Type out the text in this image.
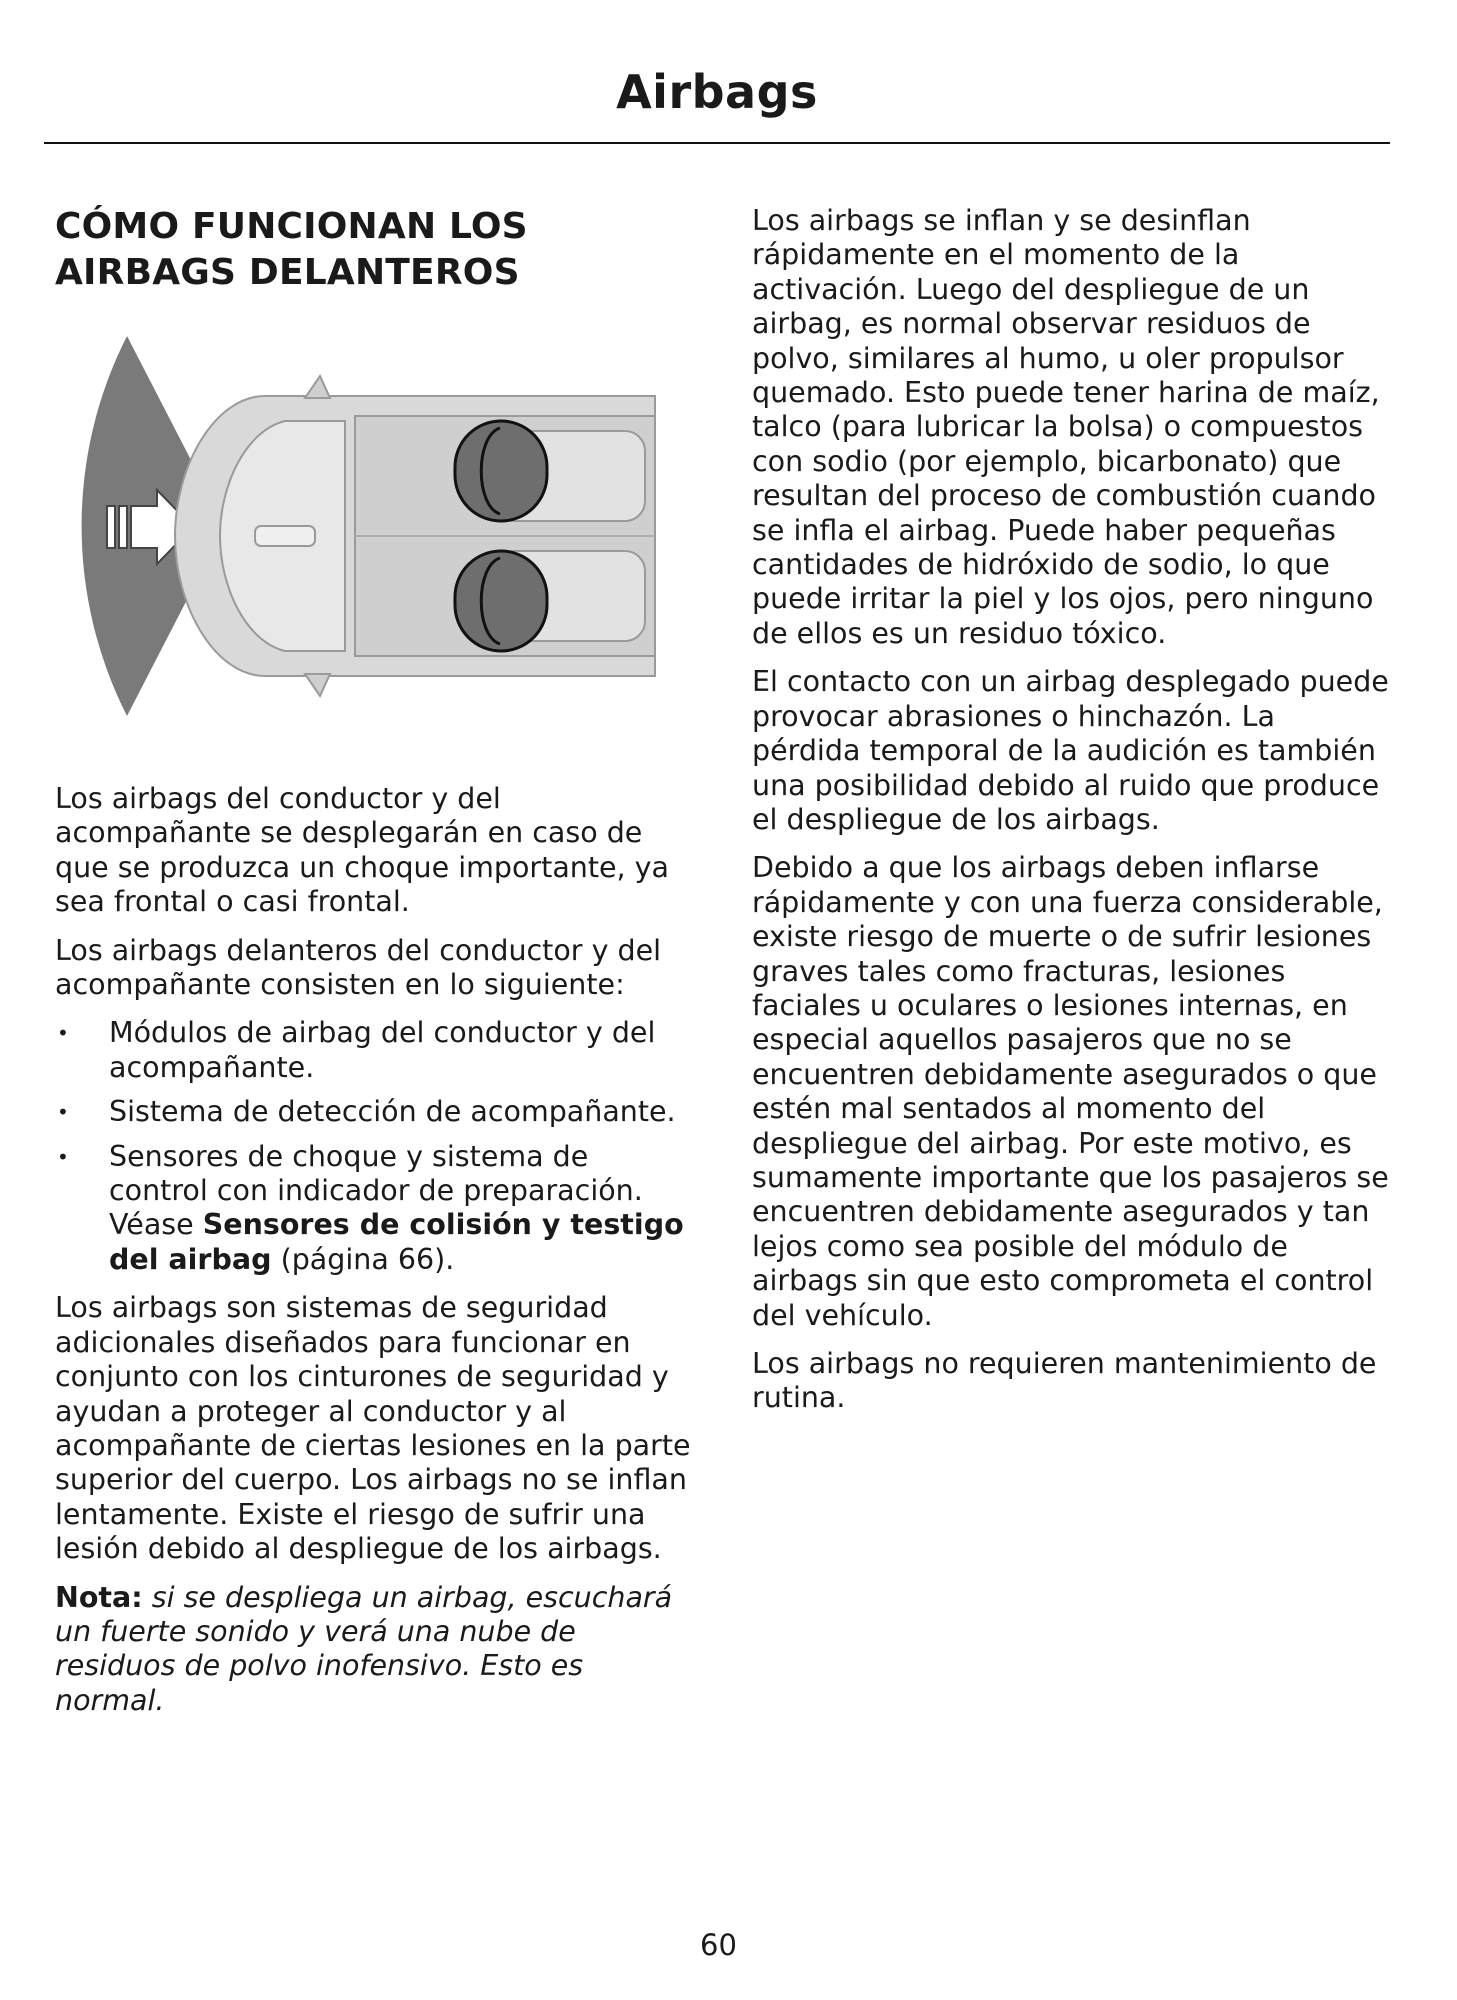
Airbags
CÓMO FUNCIONAN LOS
AIRBAGS DELANTEROS

Los airbags del conductor y del acompañante se desplegarán en caso de que se produzca un choque importante, ya sea frontal o casi frontal.

Los airbags delanteros del conductor y del acompañante consisten en lo siguiente:

• Módulos de airbag del conductor y del acompañante.
• Sistema de detección de acompañante.
• Sensores de choque y sistema de control con indicador de preparación. Véase Sensores de colisión y testigo del airbag (página 66).

Los airbags son sistemas de seguridad adicionales diseñados para funcionar en conjunto con los cinturones de seguridad y ayudan a proteger al conductor y al acompañante de ciertas lesiones en la parte superior del cuerpo. Los airbags no se inflan lentamente. Existe el riesgo de sufrir una lesión debido al despliegue de los airbags.

Nota: si se despliega un airbag, escuchará un fuerte sonido y verá una nube de residuos de polvo inofensivo. Esto es normal.

Los airbags se inflan y se desinflan rápidamente en el momento de la activación. Luego del despliegue de un airbag, es normal observar residuos de polvo, similares al humo, u oler propulsor quemado. Esto puede tener harina de maíz, talco (para lubricar la bolsa) o compuestos con sodio (por ejemplo, bicarbonato) que resultan del proceso de combustión cuando se infla el airbag. Puede haber pequeñas cantidades de hidróxido de sodio, lo que puede irritar la piel y los ojos, pero ninguno de ellos es un residuo tóxico.

El contacto con un airbag desplegado puede provocar abrasiones o hinchazón. La pérdida temporal de la audición es también una posibilidad debido al ruido que produce el despliegue de los airbags.

Debido a que los airbags deben inflarse rápidamente y con una fuerza considerable, existe riesgo de muerte o de sufrir lesiones graves tales como fracturas, lesiones faciales u oculares o lesiones internas, en especial aquellos pasajeros que no se encuentren debidamente asegurados o que estén mal sentados al momento del despliegue del airbag. Por este motivo, es sumamente importante que los pasajeros se encuentren debidamente asegurados y tan lejos como sea posible del módulo de airbags sin que esto comprometa el control del vehículo.

Los airbags no requieren mantenimiento de rutina.

60
